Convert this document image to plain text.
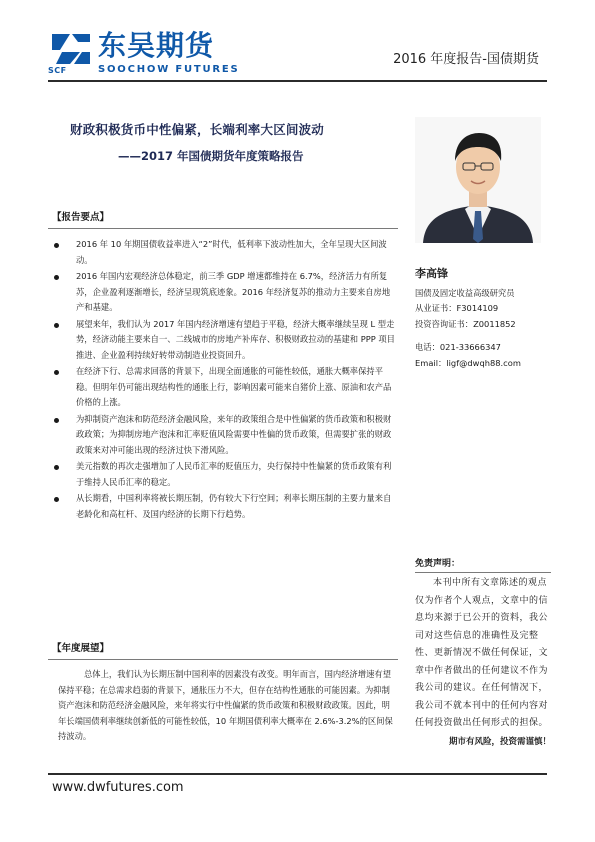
SCF
东吴期货
SOOCHOW FUTURES
2016 年度报告-国债期货
财政积极货币中性偏紧，长端利率大区间波动
——2017 年国债期货年度策略报告
【报告要点】
2016 年 10 年期国债收益率进入“2”时代，低利率下波动性加大，全年呈现大区间波动。
2016 年国内宏观经济总体稳定，前三季 GDP 增速都维持在 6.7%，经济活力有所复苏，企业盈利逐渐增长，经济呈现筑底迹象。2016 年经济复苏的推动力主要来自房地产和基建。
展望来年，我们认为 2017 年国内经济增速有望趋于平稳，经济大概率继续呈现 L 型走势，经济动能主要来自一、二线城市的房地产补库存、积极财政拉动的基建和 PPP 项目推进、企业盈利持续好转带动制造业投资回升。
在经济下行、总需求回落的背景下，出现全面通胀的可能性较低，通胀大概率保持平稳。但明年仍可能出现结构性的通胀上行，影响因素可能来自猪价上涨、原油和农产品价格的上涨。
为抑制资产泡沫和防范经济金融风险，来年的政策组合是中性偏紧的货币政策和积极财政政策；为抑制房地产泡沫和汇率贬值风险需要中性偏的货币政策，但需要扩张的财政政策来对冲可能出现的经济过快下滑风险。
美元指数的再次走强增加了人民币汇率的贬值压力，央行保持中性偏紧的货币政策有利于维持人民币汇率的稳定。
从长期看，中国利率将被长期压制，仍有较大下行空间；利率长期压制的主要力量来自老龄化和高杠杆、及国内经济的长期下行趋势。
【年度展望】

总体上，我们认为长期压制中国利率的因素没有改变。明年而言，国内经济增速有望保持平稳；在总需求趋弱的背景下，通胀压力不大，但存在结构性通胀的可能因素。为抑制资产泡沫和防范经济金融风险，来年将实行中性偏紧的货币政策和积极财政政策。因此，明年长端国债利率继续创新低的可能性较低，10 年期国债利率大概率在 2.6%-3.2%的区间保持波动。

李高锋
国债及固定收益高级研究员
从业证书：F3014109
投资咨询证书：Z0011852
电话：021-33666347
Email：ligf@dwqh88.com
免责声明：

本刊中所有文章陈述的观点仅为作者个人观点，文章中的信息均来源于已公开的资料，我公司对这些信息的准确性及完整性、更新情况不做任何保证，文章中作者做出的任何建议不作为我公司的建议。在任何情况下，我公司不就本刊中的任何内容对任何投资做出任何形式的担保。

期市有风险，投资需谨慎！
www.dwfutures.com
